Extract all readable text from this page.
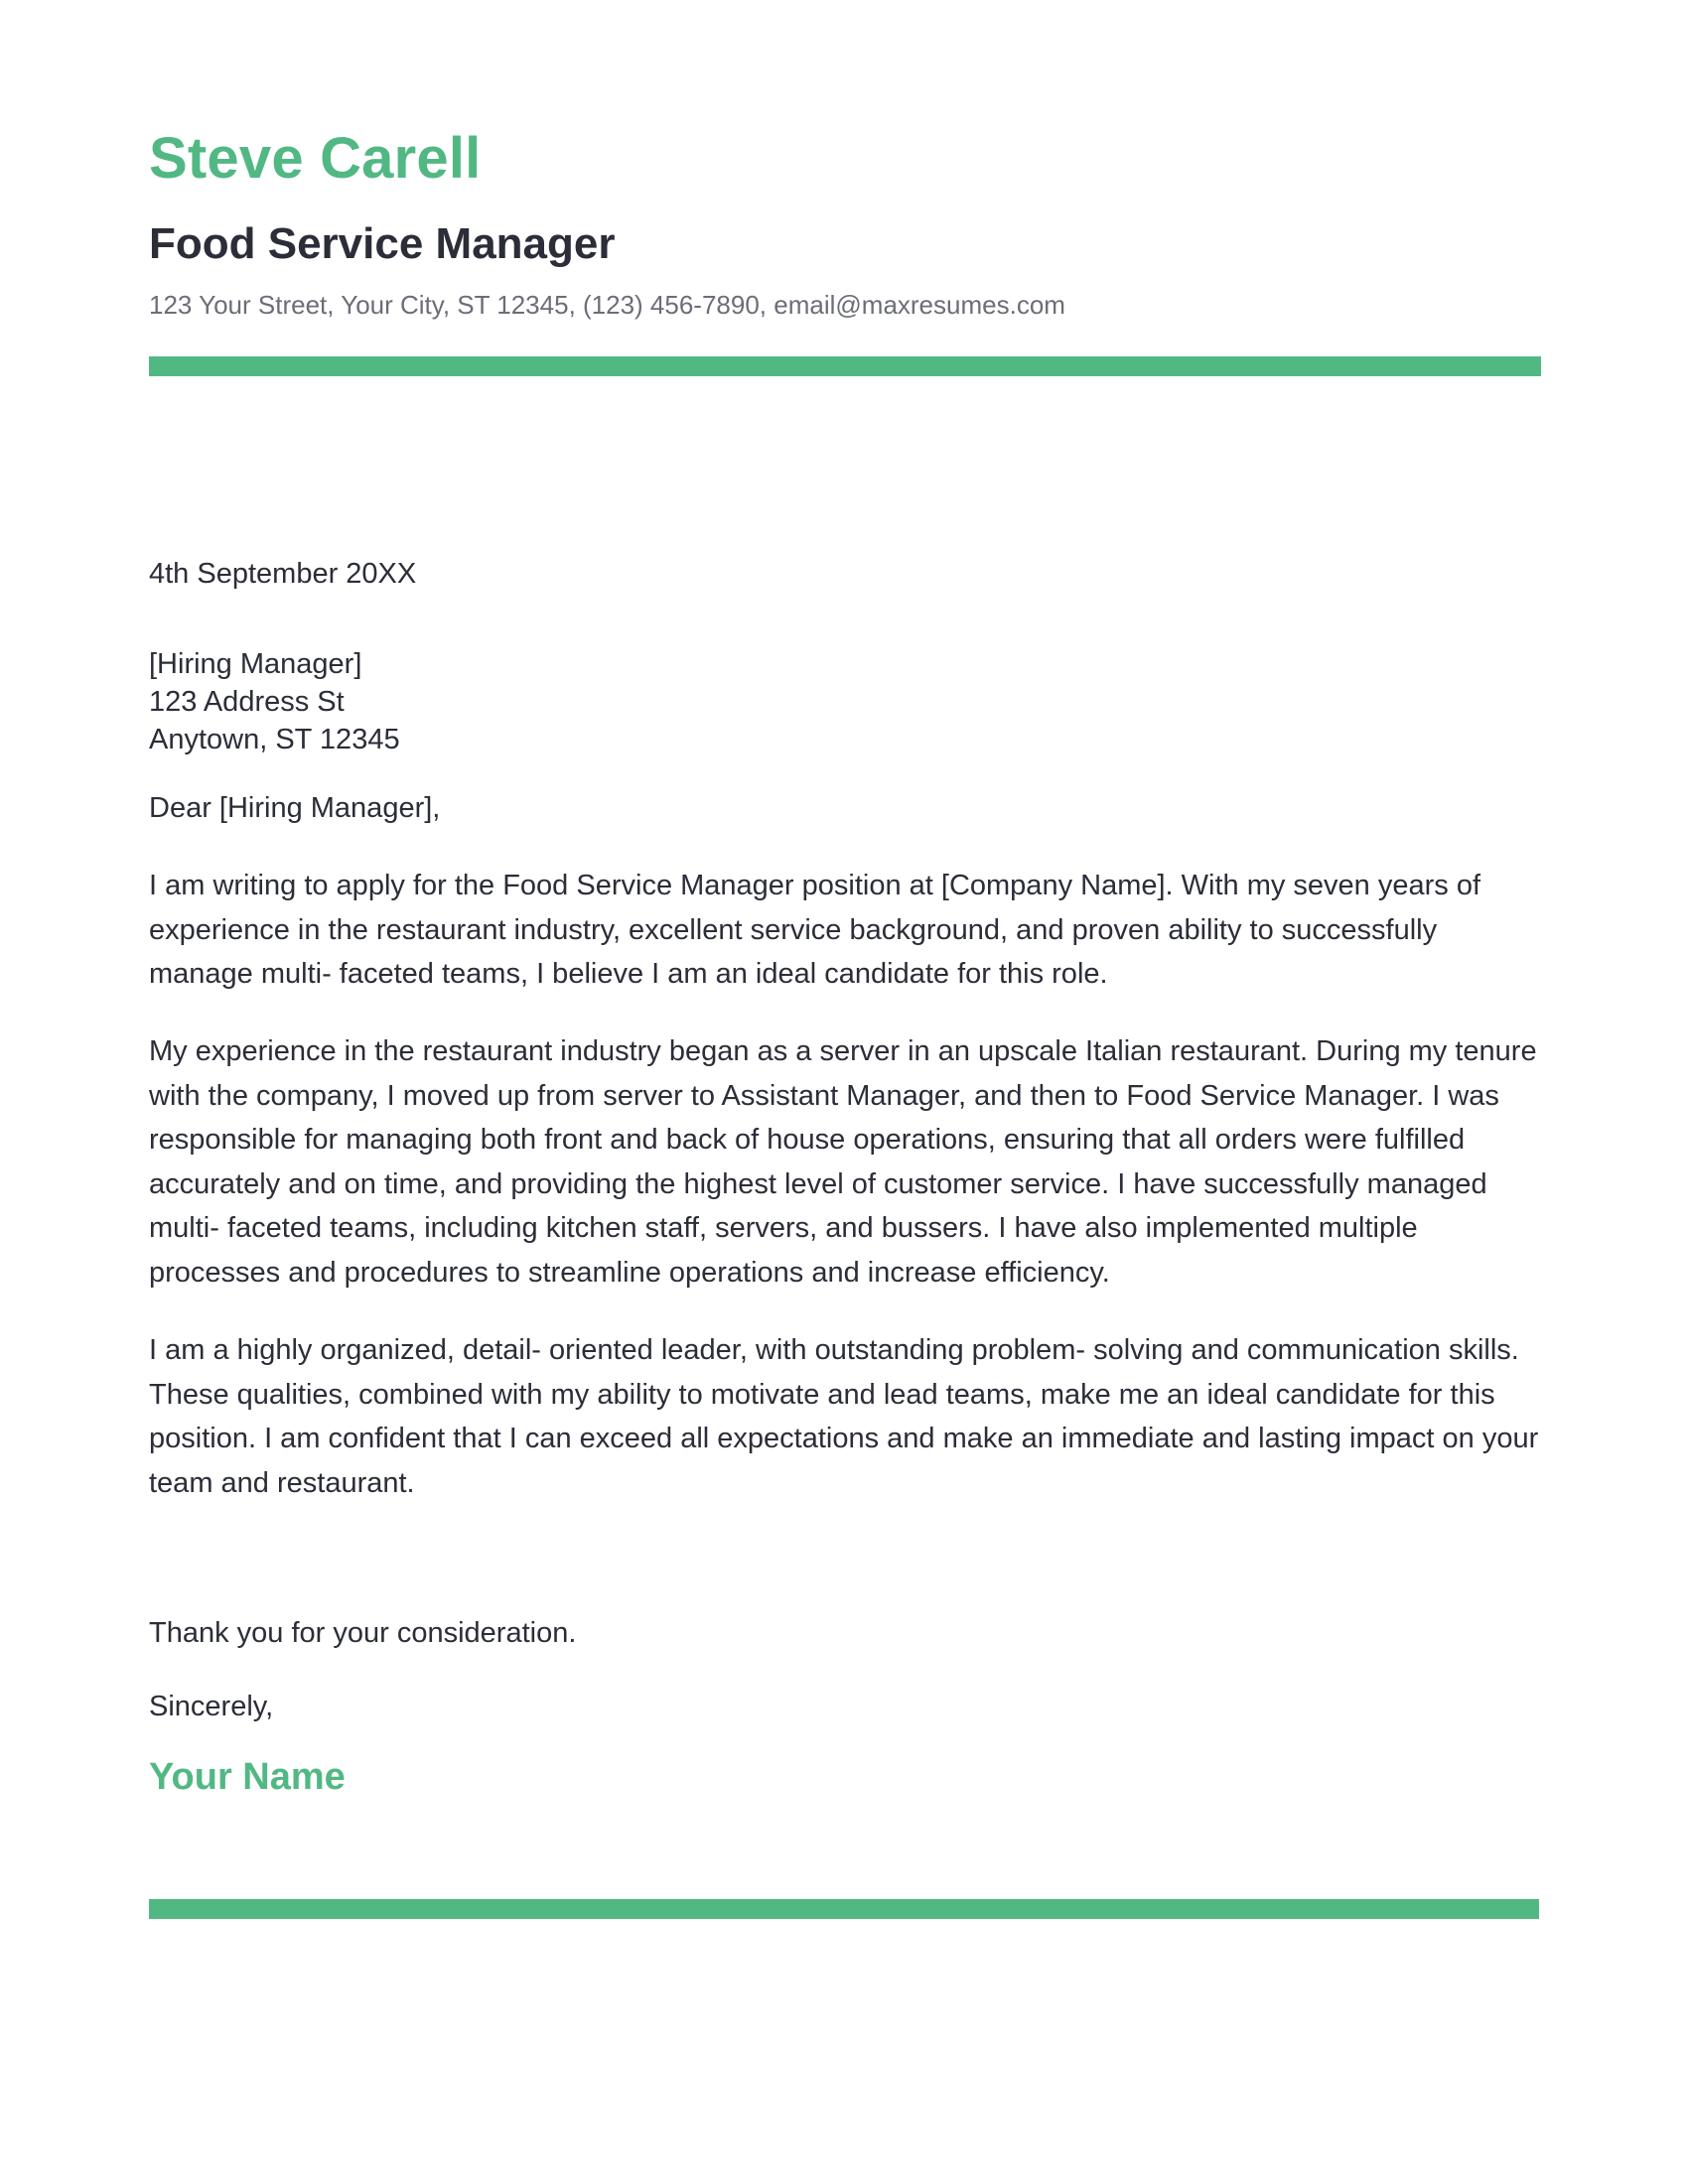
Steve Carell
Food Service Manager
123 Your Street, Your City, ST 12345, (123) 456-7890, email@maxresumes.com
4th September 20XX
[Hiring Manager]
123 Address St
Anytown, ST 12345
Dear [Hiring Manager],

I am writing to apply for the Food Service Manager position at [Company Name]. With my seven years of experience in the restaurant industry, excellent service background, and proven ability to successfully manage multi- faceted teams, I believe I am an ideal candidate for this role.

My experience in the restaurant industry began as a server in an upscale Italian restaurant. During my tenure with the company, I moved up from server to Assistant Manager, and then to Food Service Manager. I was responsible for managing both front and back of house operations, ensuring that all orders were fulfilled accurately and on time, and providing the highest level of customer service. I have successfully managed multi- faceted teams, including kitchen staff, servers, and bussers. I have also implemented multiple processes and procedures to streamline operations and increase efficiency.

I am a highly organized, detail- oriented leader, with outstanding problem- solving and communication skills. These qualities, combined with my ability to motivate and lead teams, make me an ideal candidate for this position. I am confident that I can exceed all expectations and make an immediate and lasting impact on your team and restaurant.

Thank you for your consideration.
Sincerely,
Your Name
